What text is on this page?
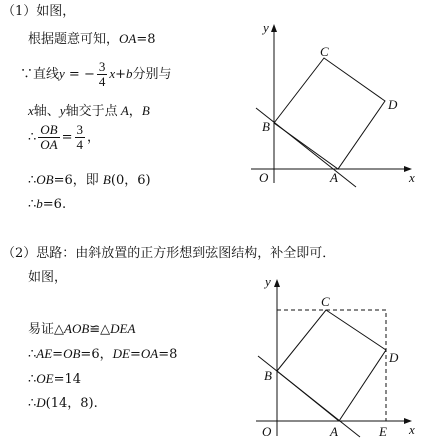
（1）如图，
根据题意可知，OA=8
∵直线y = − $\frac{3}{4} x+b$分别与
x轴、y轴交于点 A，B
∴ $\frac{OB}{OA} = \frac{3}{4}$ ，
∴OB=6，即 B(0，6)
∴b=6.
（2）思路：由斜放置的正方形想到弦图结构，补全即可．
如图，
易证△AOB≌△DEA
∴AE=OB=6，DE=OA=8
∴OE=14
∴D(14，8).
y
x
O	A
B
C
D
y
x
O	A	E
B
C
D
